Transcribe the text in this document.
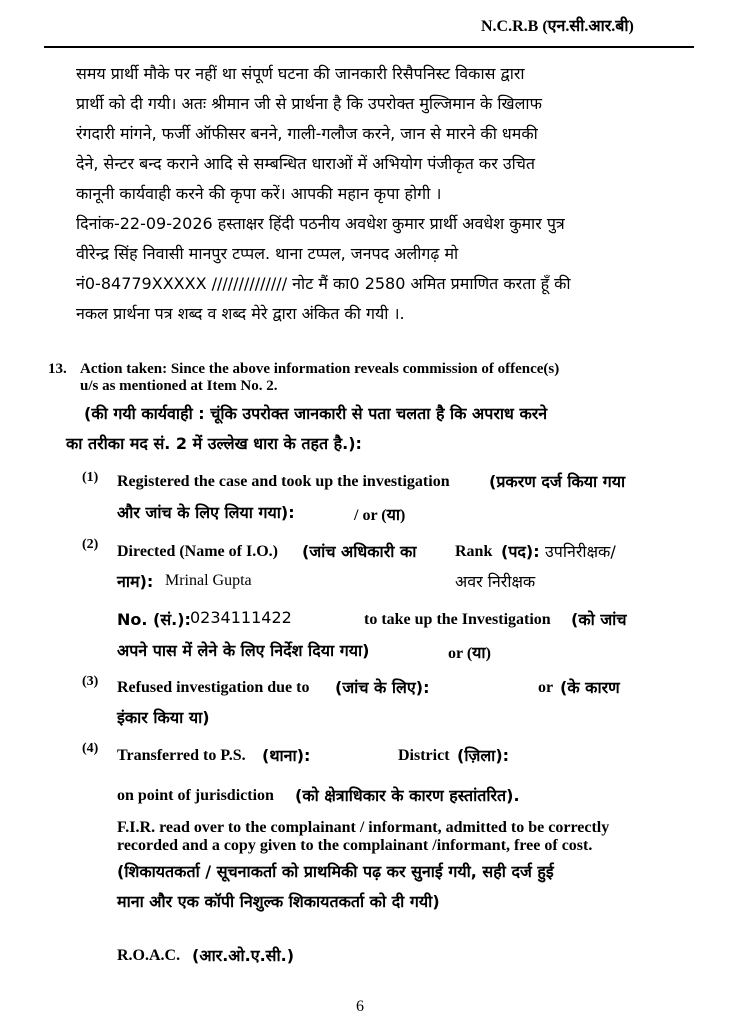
N.C.R.B (एन.सी.आर.बी)
समय प्रार्थी मौके पर नहीं था संपूर्ण घटना की जानकारी रिसैपनिस्ट विकास द्वारा
प्रार्थी को दी गयी। अतः श्रीमान जी से प्रार्थना है कि उपरोक्त मुल्जिमान के खिलाफ
रंगदारी मांगने, फर्जी ऑफीसर बनने, गाली-गलौज करने, जान से मारने की धमकी
देने, सेन्टर बन्द कराने आदि से सम्बन्धित धाराओं में अभियोग पंजीकृत कर उचित
कानूनी कार्यवाही करने की कृपा करें। आपकी महान कृपा होगी ।
दिनांक-22-09-2026 हस्ताक्षर हिंदी पठनीय अवधेश कुमार प्रार्थी अवधेश कुमार पुत्र
वीरेन्द्र सिंह निवासी मानपुर टप्पल. थाना टप्पल, जनपद अलीगढ़ मो
नं0-84779XXXXX ////////////// नोट मैं का0 2580 अमित प्रमाणित करता हूँ की
नकल प्रार्थना पत्र शब्द व शब्द मेरे द्वारा अंकित की गयी ।.
13. Action taken: Since the above information reveals commission of offence(s)
u/s as mentioned at Item No. 2.
(की गयी कार्यवाही : चूंकि उपरोक्त जानकारी से पता चलता है कि अपराध करने
का तरीका मद सं. 2 में उल्लेख धारा के तहत है.):
(1) Registered the case and took up the investigation (प्रकरण दर्ज किया गया
और जांच के लिए लिया गया):	/ or (या)
(2) Directed (Name of I.O.) (जांच अधिकारी का
नाम): Mrinal Gupta
Rank (पद): उपनिरीक्षक/
अवर निरीक्षक
No. (सं.): 0234111422	to take up the Investigation (को जांच
अपने पास में लेने के लिए निर्देश दिया गया)	or (या)
(3) Refused investigation due to (जांच के लिए):	or (के कारण
इंकार किया या)
(4) Transferred to P.S. (थाना):	District (ज़िला):
on point of jurisdiction (को क्षेत्राधिकार के कारण हस्तांतरित).
F.I.R. read over to the complainant / informant, admitted to be correctly
recorded and a copy given to the complainant /informant, free of cost.
(शिकायतकर्ता / सूचनाकर्ता को प्राथमिकी पढ़ कर सुनाई गयी, सही दर्ज हुई
माना और एक कॉपी निशुल्क शिकायतकर्ता को दी गयी)
R.O.A.C. (आर.ओ.ए.सी.)
6
